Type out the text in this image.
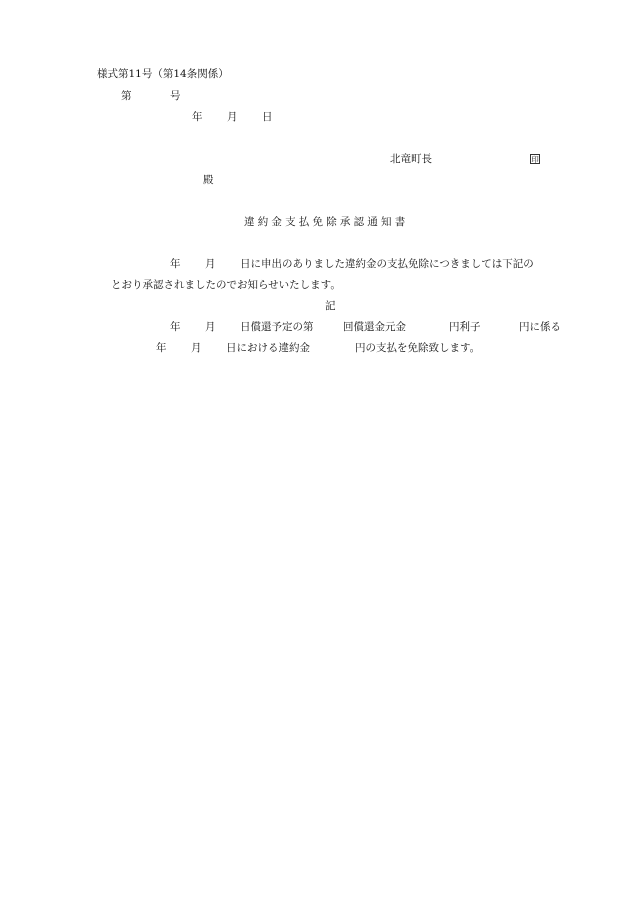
様式第11号（第14条関係）
第	号
年 月 日
北竜町長	印
殿
違約金支払免除承認通知書
年 月 日に申出のありました違約金の支払免除につきましては下記の
とおり承認されましたのでお知らせいたします。
記
年 月 日償還予定の第	回償還金元金	円利子	円に係る
年 月 日における違約金	円の支払を免除致します。
